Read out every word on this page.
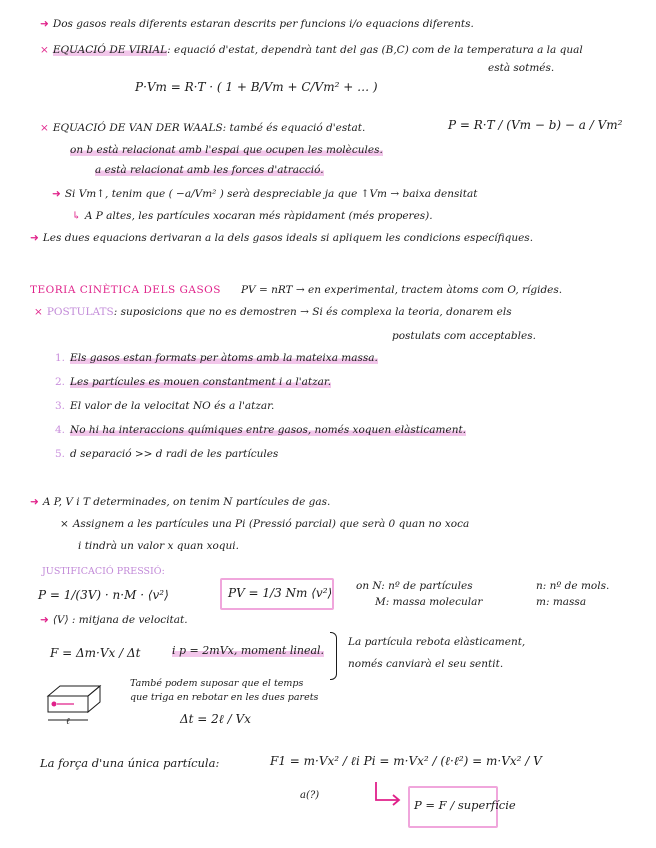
➜ Dos gasos reals diferents estaran descrits per funcions i/o equacions diferents.
× EQUACIÓ DE VIRIAL: equació d'estat, dependrà tant del gas (B,C) com de la temperatura a la qual
està sotmés.
P·Vm = R·T · ( 1 + B/Vm + C/Vm² + … )
× EQUACIÓ DE VAN DER WAALS: també és equació d'estat.	P = R·T / (Vm − b) − a / Vm²
on b està relacionat amb l'espai que ocupen les molècules.
a està relacionat amb les forces d'atracció.
➜ Si Vm↑, tenim que ( −a/Vm² ) serà despreciable ja que ↑Vm → baixa densitat
↳ A P altes, les partícules xocaran més ràpidament (més properes).
➜ Les dues equacions derivaran a la dels gasos ideals si apliquem les condicions específiques.
TEORIA CINÈTICA DELS GASOS PV = nRT → en experimental, tractem àtoms com O, rígides.
× POSTULATS: suposicions que no es demostren → Si és complexa la teoria, donarem els
postulats com acceptables.
1. Els gasos estan formats per àtoms amb la mateixa massa.
2. Les partícules es mouen constantment i a l'atzar.
3. El valor de la velocitat NO és a l'atzar.
4. No hi ha interaccions químiques entre gasos, només xoquen elàsticament.
5. d separació >> d radi de les partícules
➜ A P, V i T determinades, on tenim N partícules de gas.
× Assignem a les partícules una Pi (Pressió parcial) que serà 0 quan no xoca
i tindrà un valor x quan xoqui.
JUSTIFICACIÓ PRESSIÓ:
P = 1/(3V) · n·M · ⟨v²⟩	PV = 1/3 Nm ⟨v²⟩ on N: nº de partícules
M: massa molecular
n: nº de mols.
m: massa
➜ ⟨V⟩ : mitjana de velocitat.
F = Δm·Vx / Δt	i p = 2mVx, moment lineal.
La partícula rebota elàsticament,
només canviarà el seu sentit.
ℓ
També podem suposar que el temps
que triga en rebotar en les dues parets
Δt = 2ℓ / Vx
La força d'una única partícula:	F1 = m·Vx² / ℓ i Pi = m·Vx² / (ℓ·ℓ²) = m·Vx² / V
a(?)
P = F / superfície
